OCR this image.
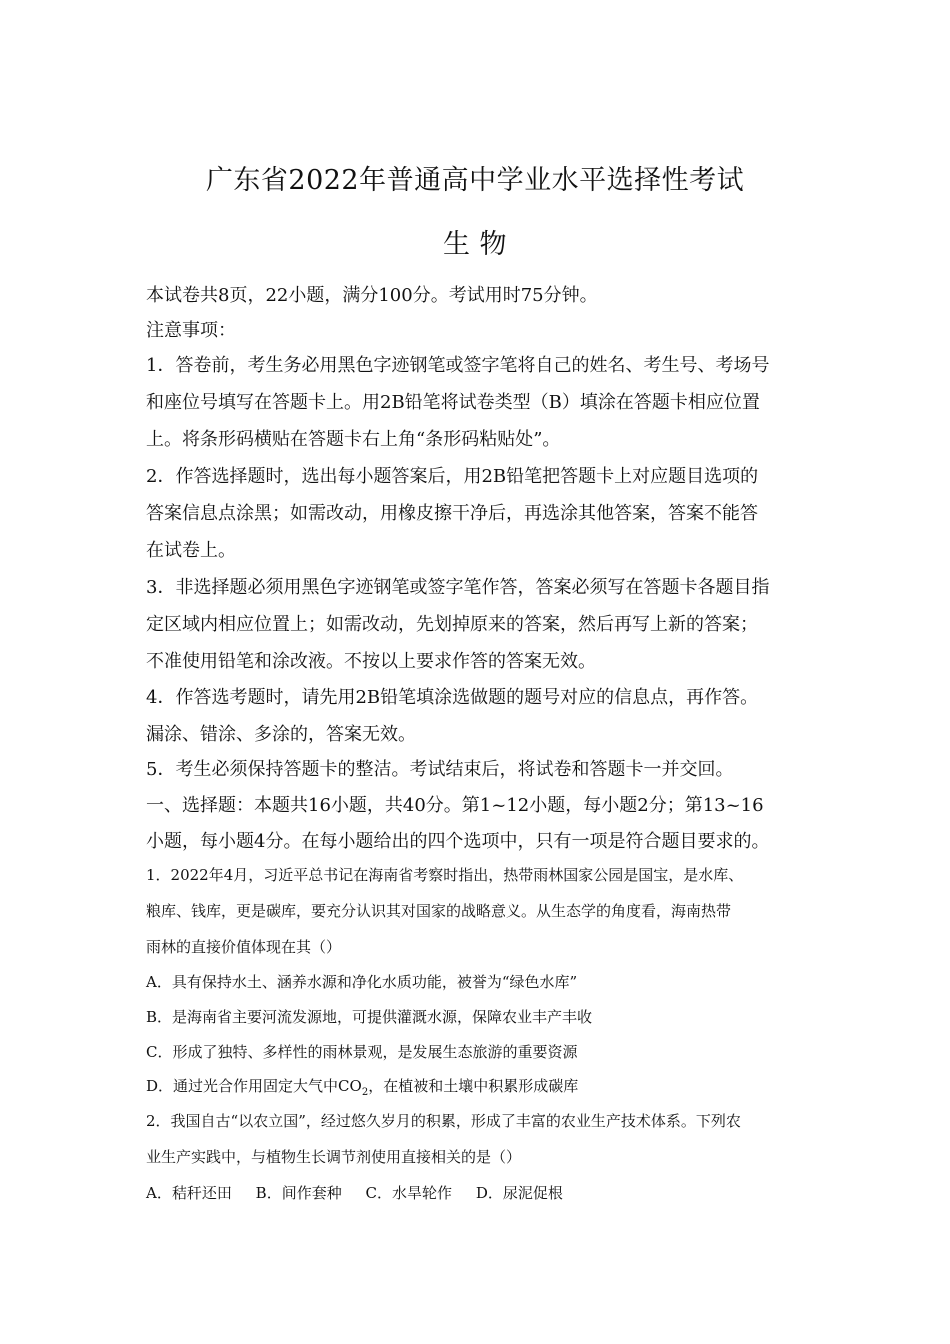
广东省2022年普通高中学业水平选择性考试
生 物
本试卷共8页，22小题，满分100分。考试用时75分钟。
注意事项：
1．答卷前，考生务必用黑色字迹钢笔或签字笔将自己的姓名、考生号、考场号
和座位号填写在答题卡上。用2B铅笔将试卷类型（B）填涂在答题卡相应位置
上。将条形码横贴在答题卡右上角“条形码粘贴处”。
2．作答选择题时，选出每小题答案后，用2B铅笔把答题卡上对应题目选项的
答案信息点涂黑；如需改动，用橡皮擦干净后，再选涂其他答案，答案不能答
在试卷上。
3．非选择题必须用黑色字迹钢笔或签字笔作答，答案必须写在答题卡各题目指
定区域内相应位置上；如需改动，先划掉原来的答案，然后再写上新的答案；
不准使用铅笔和涂改液。不按以上要求作答的答案无效。
4．作答选考题时，请先用2B铅笔填涂选做题的题号对应的信息点，再作答。
漏涂、错涂、多涂的，答案无效。
5．考生必须保持答题卡的整洁。考试结束后，将试卷和答题卡一并交回。
一、选择题：本题共16小题，共40分。第1~12小题，每小题2分；第13~16
小题，每小题4分。在每小题给出的四个选项中，只有一项是符合题目要求的。
1．2022年4月，习近平总书记在海南省考察时指出，热带雨林国家公园是国宝，是水库、
粮库、钱库，更是碳库，要充分认识其对国家的战略意义。从生态学的角度看，海南热带
雨林的直接价值体现在其（）
A．具有保持水土、涵养水源和净化水质功能，被誉为“绿色水库”
B．是海南省主要河流发源地，可提供灌溉水源，保障农业丰产丰收
C．形成了独特、多样性的雨林景观，是发展生态旅游的重要资源
D．通过光合作用固定大气中$CO_2$，在植被和土壤中积累形成碳库
2．我国自古“以农立国”，经过悠久岁月的积累，形成了丰富的农业生产技术体系。下列农
业生产实践中，与植物生长调节剂使用直接相关的是（）
A．秸秆还田     B．间作套种     C．水旱轮作     D．尿泥促根
